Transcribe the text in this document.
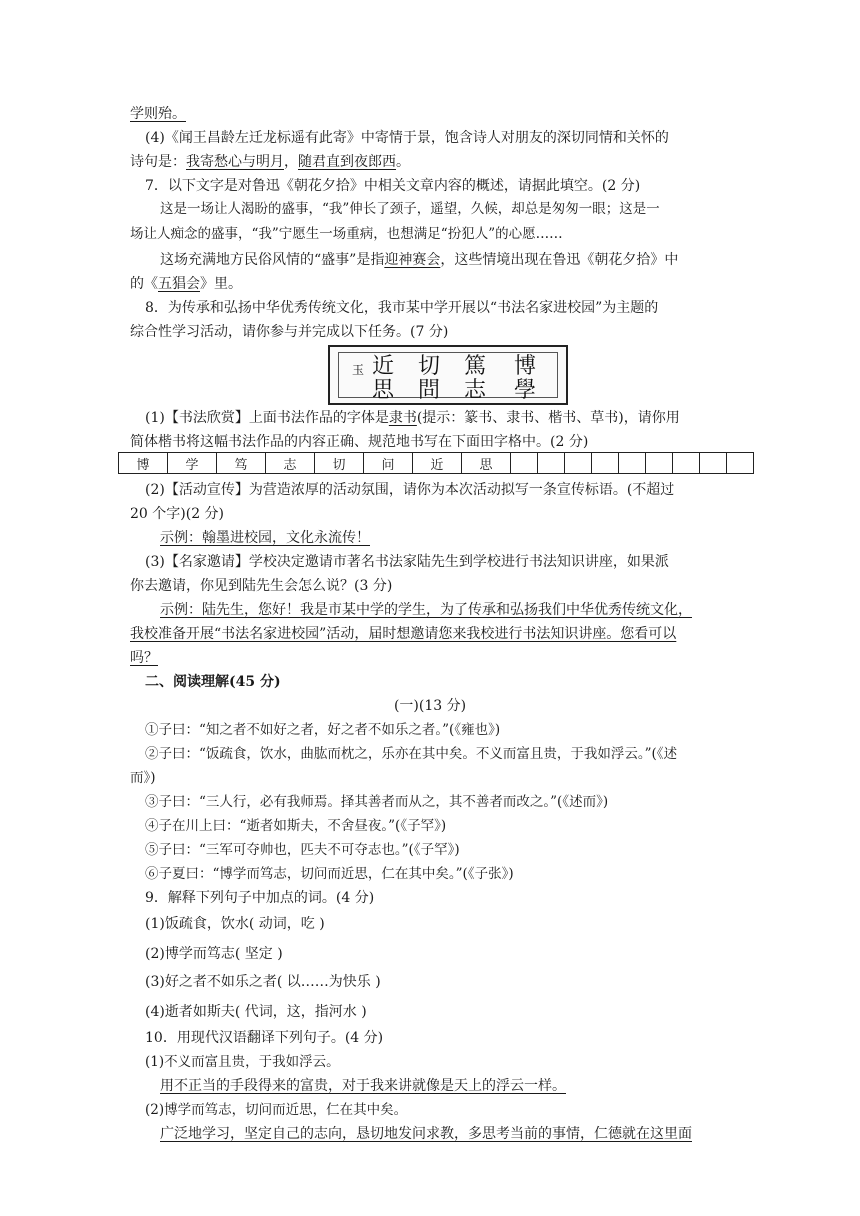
学则殆。
(4)《闻王昌龄左迁龙标遥有此寄》中寄情于景，饱含诗人对朋友的深切同情和关怀的
诗句是：我寄愁心与明月，随君直到夜郎西。
7．以下文字是对鲁迅《朝花夕拾》中相关文章内容的概述，请据此填空。(2 分)
这是一场让人渴盼的盛事，“我”伸长了颈子，遥望，久候，却总是匆匆一眼；这是一
场让人痴念的盛事，“我”宁愿生一场重病，也想满足“扮犯人”的心愿……
这场充满地方民俗风情的“盛事”是指迎神赛会，这些情境出现在鲁迅《朝花夕拾》中
的《五猖会》里。
8．为传承和弘扬中华优秀传统文化，我市某中学开展以“书法名家进校园”为主题的
综合性学习活动，请你参与并完成以下任务。(7 分)
玉 近 切 篤 博
思 問 志 學
(1)【书法欣赏】上面书法作品的字体是隶书(提示：篆书、隶书、楷书、草书)，请你用
简体楷书将这幅书法作品的内容正确、规范地书写在下面田字格中。(2 分)
博	学	笃	志	切	问	近	思									
(2)【活动宣传】为营造浓厚的活动氛围，请你为本次活动拟写一条宣传标语。(不超过
20 个字)(2 分)
示例：翰墨进校园，文化永流传！
(3)【名家邀请】学校决定邀请市著名书法家陆先生到学校进行书法知识讲座，如果派
你去邀请，你见到陆先生会怎么说？(3 分)
示例：陆先生，您好！我是市某中学的学生，为了传承和弘扬我们中华优秀传统文化，
我校准备开展“书法名家进校园”活动，届时想邀请您来我校进行书法知识讲座。您看可以
吗？
二、阅读理解(45 分)
(一)(13 分)
①子曰：“知之者不如好之者，好之者不如乐之者。”(《雍也》)
②子曰：“饭疏食，饮水，曲肱而枕之，乐亦在其中矣。不义而富且贵，于我如浮云。”(《述
而》)
③子曰：“三人行，必有我师焉。择其善者而从之，其不善者而改之。”(《述而》)
④子在川上曰：“逝者如斯夫，不舍昼夜。”(《子罕》)
⑤子曰：“三军可夺帅也，匹夫不可夺志也。”(《子罕》)
⑥子夏曰：“博学而笃志，切问而近思，仁在其中矣。”(《子张》)
9．解释下列句子中加点的词。(4 分)
(1)饭疏食，饮水( 动词，吃 )
(2)博学而笃志( 坚定 )
(3)好之者不如乐之者( 以……为快乐 )
(4)逝者如斯夫( 代词，这，指河水 )
10．用现代汉语翻译下列句子。(4 分)
(1)不义而富且贵，于我如浮云。
用不正当的手段得来的富贵，对于我来讲就像是天上的浮云一样。
(2)博学而笃志，切问而近思，仁在其中矣。
广泛地学习，坚定自己的志向，恳切地发问求教，多思考当前的事情，仁德就在这里面
